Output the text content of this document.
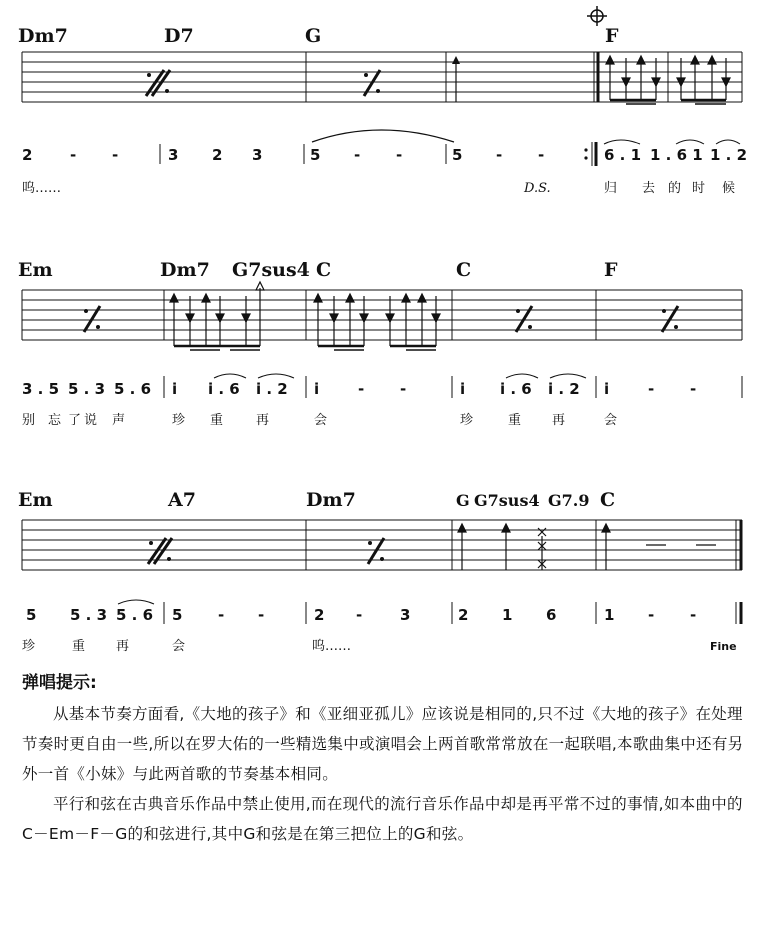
Dm7	D7	G	F
2	- -	3 2 3	5 - -	5 - -	6 . 1 1 . 6 1 1 . 2
呜……	D.S.	归 去 的 时 候
Em	Dm7 G7sus4 C	C	F
3 . 5 5 . 3 5 . 6 i i . 6 i . 2 i	- -	i i . 6 i . 2 i	- -
别 忘 了 说 声	珍 重	再	会	珍	重 再	会
Em	A7	Dm7	G G7sus4 G7.9 C
5 5 . 3 5 . 6 5 - -	2 -	3	2 1 6	1 - -
珍	重 再	会	呜……	Fine
弹唱提示:

从基本节奏方面看,《大地的孩子》和《亚细亚孤儿》应该说是相同的,只不过《大地的孩子》在处理节奏时更自由一些,所以在罗大佑的一些精选集中或演唱会上两首歌常常放在一起联唱,本歌曲集中还有另外一首《小妹》与此两首歌的节奏基本相同。

平行和弦在古典音乐作品中禁止使用,而在现代的流行音乐作品中却是再平常不过的事情,如本曲中的C－Em－F－G的和弦进行,其中G和弦是在第三把位上的G和弦。
